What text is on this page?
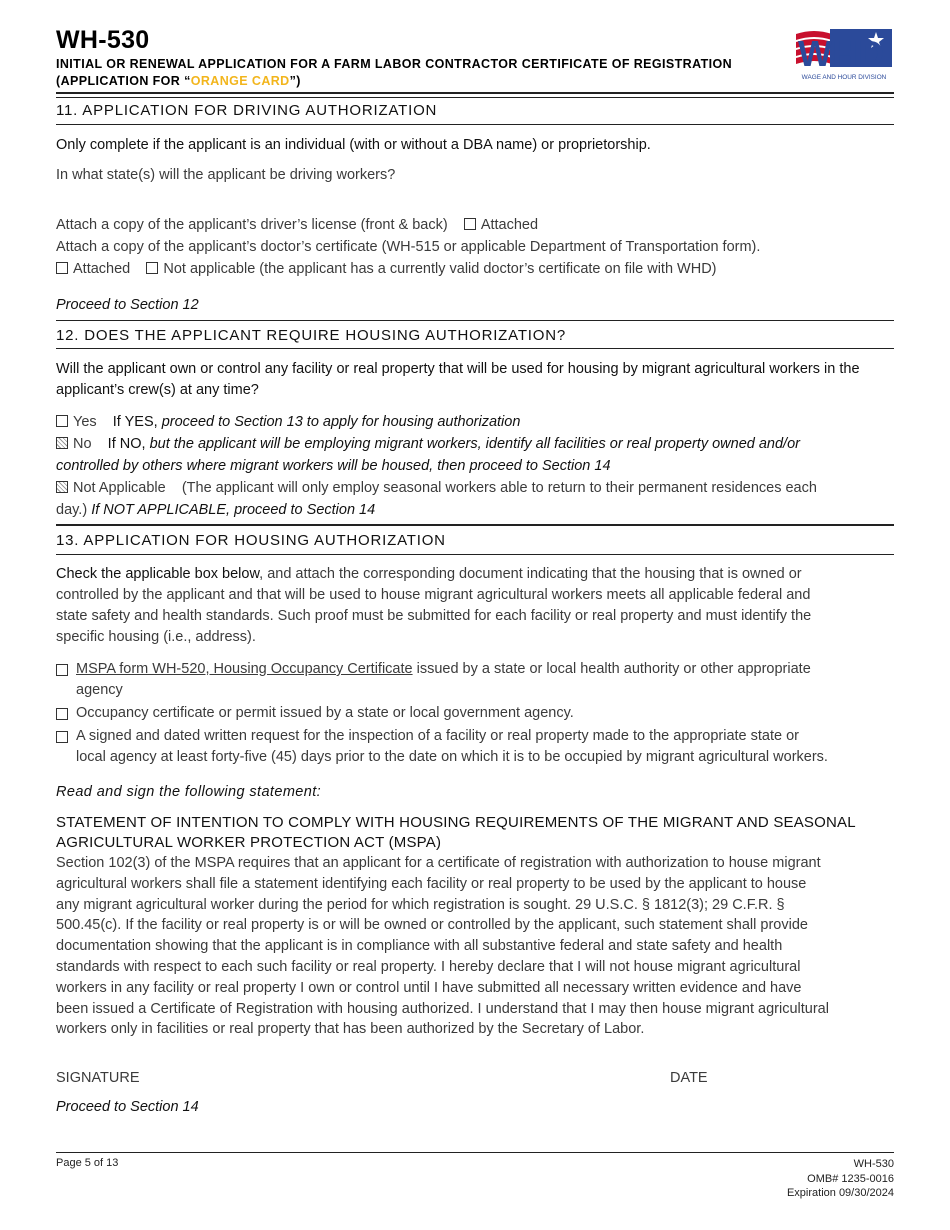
WH-530
INITIAL OR RENEWAL APPLICATION FOR A FARM LABOR CONTRACTOR CERTIFICATE OF REGISTRATION
(APPLICATION FOR “ORANGE CARD”)
WHD
WAGE AND HOUR DIVISION
11. APPLICATION FOR DRIVING AUTHORIZATION
Only complete if the applicant is an individual (with or without a DBA name) or proprietorship.
In what state(s) will the applicant be driving workers?
Attach a copy of the applicant’s driver’s license (front & back) Attached
Attach a copy of the applicant’s doctor’s certificate (WH-515 or applicable Department of Transportation form).
Attached Not applicable (the applicant has a currently valid doctor’s certificate on file with WHD)
Proceed to Section 12
12. DOES THE APPLICANT REQUIRE HOUSING AUTHORIZATION?
Will the applicant own or control any facility or real property that will be used for housing by migrant agricultural workers in the applicant’s crew(s) at any time?
Yes If YES, proceed to Section 13 to apply for housing authorization
No If NO, but the applicant will be employing migrant workers, identify all facilities or real property owned and/or
controlled by others where migrant workers will be housed, then proceed to Section 14
Not Applicable (The applicant will only employ seasonal workers able to return to their permanent residences each
day.) If NOT APPLICABLE, proceed to Section 14
13. APPLICATION FOR HOUSING AUTHORIZATION
Check the applicable box below, and attach the corresponding document indicating that the housing that is owned or
controlled by the applicant and that will be used to house migrant agricultural workers meets all applicable federal and
state safety and health standards. Such proof must be submitted for each facility or real property and must identify the
specific housing (i.e., address).
MSPA form WH-520, Housing Occupancy Certificate issued by a state or local health authority or other appropriate
agency
Occupancy certificate or permit issued by a state or local government agency.
A signed and dated written request for the inspection of a facility or real property made to the appropriate state or
local agency at least forty-five (45) days prior to the date on which it is to be occupied by migrant agricultural workers.
Read and sign the following statement:
STATEMENT OF INTENTION TO COMPLY WITH HOUSING REQUIREMENTS OF THE MIGRANT AND SEASONAL
AGRICULTURAL WORKER PROTECTION ACT (MSPA)
Section 102(3) of the MSPA requires that an applicant for a certificate of registration with authorization to house migrant
agricultural workers shall file a statement identifying each facility or real property to be used by the applicant to house
any migrant agricultural worker during the period for which registration is sought. 29 U.S.C. § 1812(3); 29 C.F.R. §
500.45(c). If the facility or real property is or will be owned or controlled by the applicant, such statement shall provide
documentation showing that the applicant is in compliance with all substantive federal and state safety and health
standards with respect to each such facility or real property. I hereby declare that I will not house migrant agricultural
workers in any facility or real property I own or control until I have submitted all necessary written evidence and have
been issued a Certificate of Registration with housing authorized. I understand that I may then house migrant agricultural
workers only in facilities or real property that has been authorized by the Secretary of Labor.
SIGNATURE	DATE
Proceed to Section 14
Page 5 of 13	WH-530
OMB# 1235-0016
Expiration 09/30/2024
